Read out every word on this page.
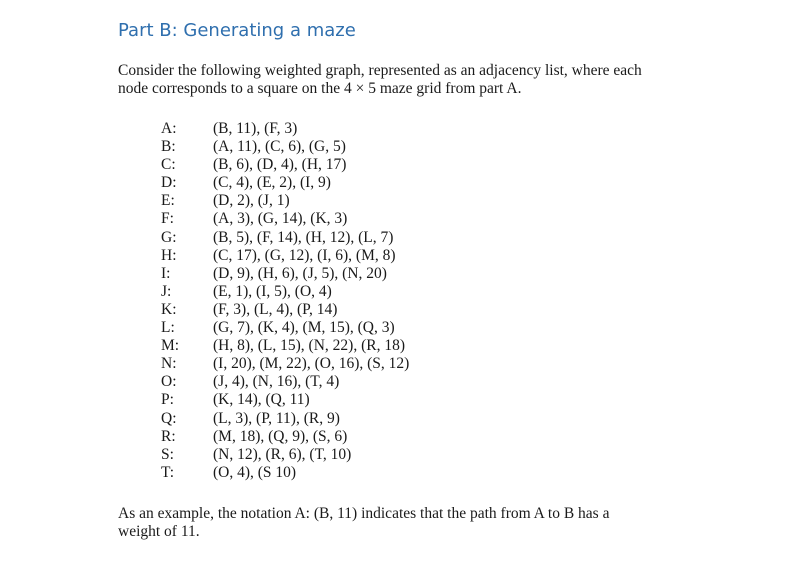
Part B: Generating a maze

Consider the following weighted graph, represented as an adjacency list, where each
node corresponds to a square on the 4 × 5 maze grid from part A.

A:	(B, 11), (F, 3)
B:	(A, 11), (C, 6), (G, 5)
C:	(B, 6), (D, 4), (H, 17)
D:	(C, 4), (E, 2), (I, 9)
E:	(D, 2), (J, 1)
F:	(A, 3), (G, 14), (K, 3)
G:	(B, 5), (F, 14), (H, 12), (L, 7)
H:	(C, 17), (G, 12), (I, 6), (M, 8)
I:	(D, 9), (H, 6), (J, 5), (N, 20)
J:	(E, 1), (I, 5), (O, 4)
K:	(F, 3), (L, 4), (P, 14)
L:	(G, 7), (K, 4), (M, 15), (Q, 3)
M:	(H, 8), (L, 15), (N, 22), (R, 18)
N:	(I, 20), (M, 22), (O, 16), (S, 12)
O:	(J, 4), (N, 16), (T, 4)
P:	(K, 14), (Q, 11)
Q:	(L, 3), (P, 11), (R, 9)
R:	(M, 18), (Q, 9), (S, 6)
S:	(N, 12), (R, 6), (T, 10)
T:	(O, 4), (S 10)

As an example, the notation A: (B, 11) indicates that the path from A to B has a
weight of 11.
